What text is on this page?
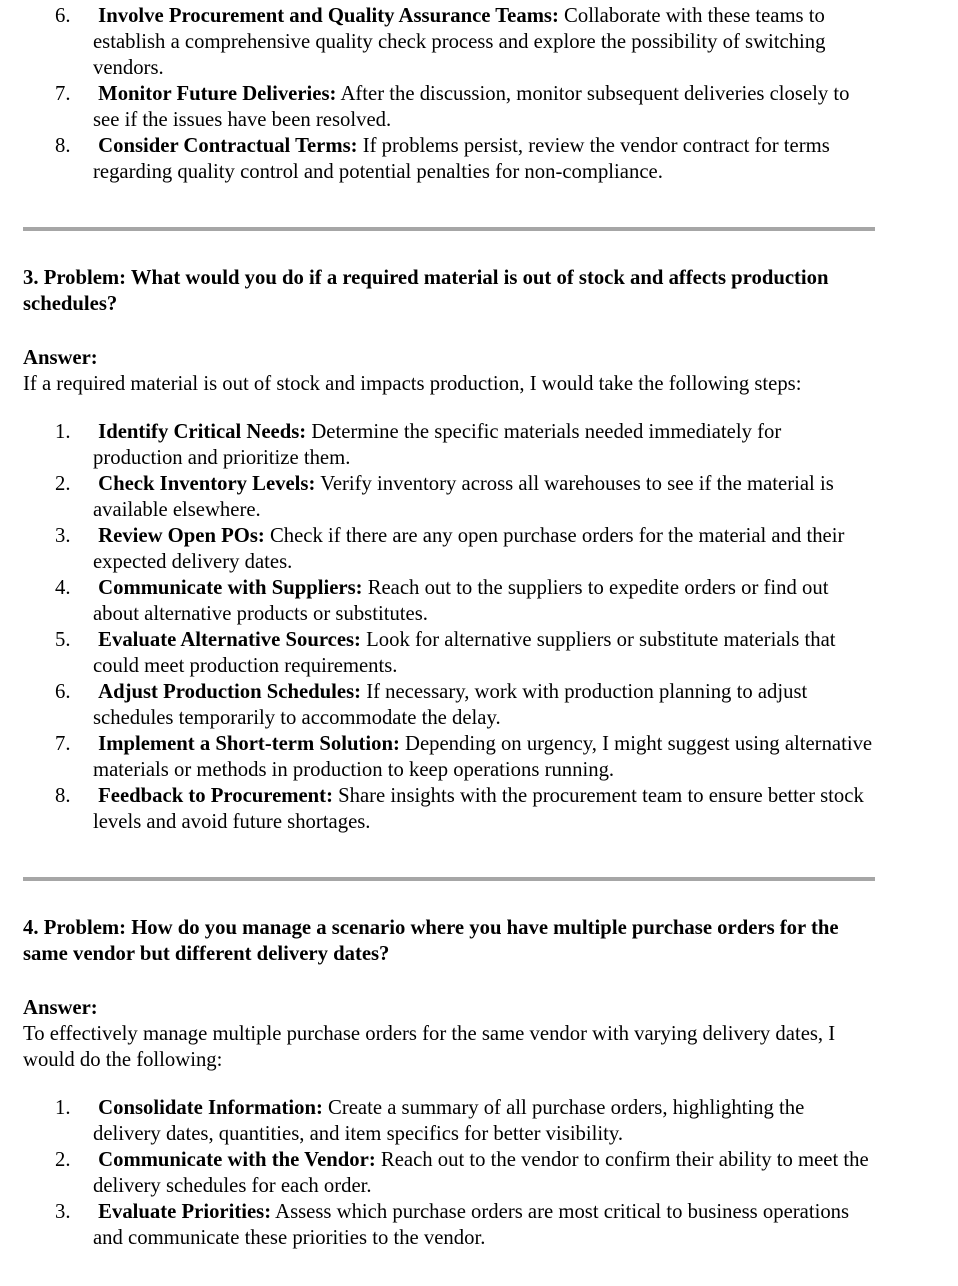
Involve Procurement and Quality Assurance Teams: Collaborate with these teams to establish a comprehensive quality check process and explore the possibility of switching vendors.
Monitor Future Deliveries: After the discussion, monitor subsequent deliveries closely to see if the issues have been resolved.
Consider Contractual Terms: If problems persist, review the vendor contract for terms regarding quality control and potential penalties for non-compliance.
3. Problem: What would you do if a required material is out of stock and affects production schedules?
Answer:
If a required material is out of stock and impacts production, I would take the following steps:
Identify Critical Needs: Determine the specific materials needed immediately for production and prioritize them.
Check Inventory Levels: Verify inventory across all warehouses to see if the material is available elsewhere.
Review Open POs: Check if there are any open purchase orders for the material and their expected delivery dates.
Communicate with Suppliers: Reach out to the suppliers to expedite orders or find out about alternative products or substitutes.
Evaluate Alternative Sources: Look for alternative suppliers or substitute materials that could meet production requirements.
Adjust Production Schedules: If necessary, work with production planning to adjust schedules temporarily to accommodate the delay.
Implement a Short-term Solution: Depending on urgency, I might suggest using alternative materials or methods in production to keep operations running.
Feedback to Procurement: Share insights with the procurement team to ensure better stock levels and avoid future shortages.
4. Problem: How do you manage a scenario where you have multiple purchase orders for the same vendor but different delivery dates?
Answer:
To effectively manage multiple purchase orders for the same vendor with varying delivery dates, I would do the following:
Consolidate Information: Create a summary of all purchase orders, highlighting the delivery dates, quantities, and item specifics for better visibility.
Communicate with the Vendor: Reach out to the vendor to confirm their ability to meet the delivery schedules for each order.
Evaluate Priorities: Assess which purchase orders are most critical to business operations and communicate these priorities to the vendor.
